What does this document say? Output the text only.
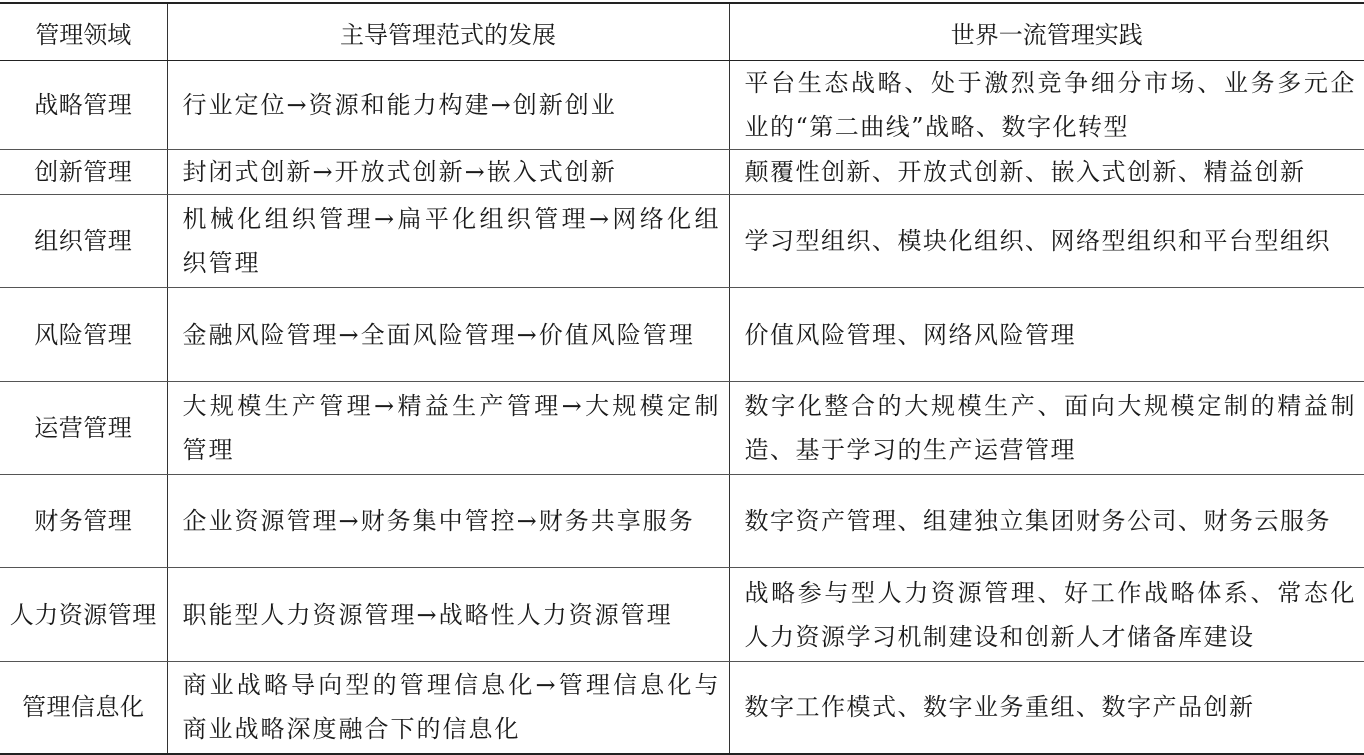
管理领域	主导管理范式的发展	世界一流管理实践
战略管理	行业定位→资源和能力构建→创新创业	平台生态战略、处于激烈竞争细分市场、业务多元企业的“第二曲线”战略、数字化转型
创新管理	封闭式创新→开放式创新→嵌入式创新	颠覆性创新、开放式创新、嵌入式创新、精益创新
组织管理	机械化组织管理→扁平化组织管理→网络化组织管理	学习型组织、模块化组织、网络型组织和平台型组织
风险管理	金融风险管理→全面风险管理→价值风险管理	价值风险管理、网络风险管理
运营管理	大规模生产管理→精益生产管理→大规模定制管理	数字化整合的大规模生产、面向大规模定制的精益制造、基于学习的生产运营管理
财务管理	企业资源管理→财务集中管控→财务共享服务	数字资产管理、组建独立集团财务公司、财务云服务
人力资源管理	职能型人力资源管理→战略性人力资源管理	战略参与型人力资源管理、好工作战略体系、常态化人力资源学习机制建设和创新人才储备库建设
管理信息化	商业战略导向型的管理信息化→管理信息化与商业战略深度融合下的信息化	数字工作模式、数字业务重组、数字产品创新
